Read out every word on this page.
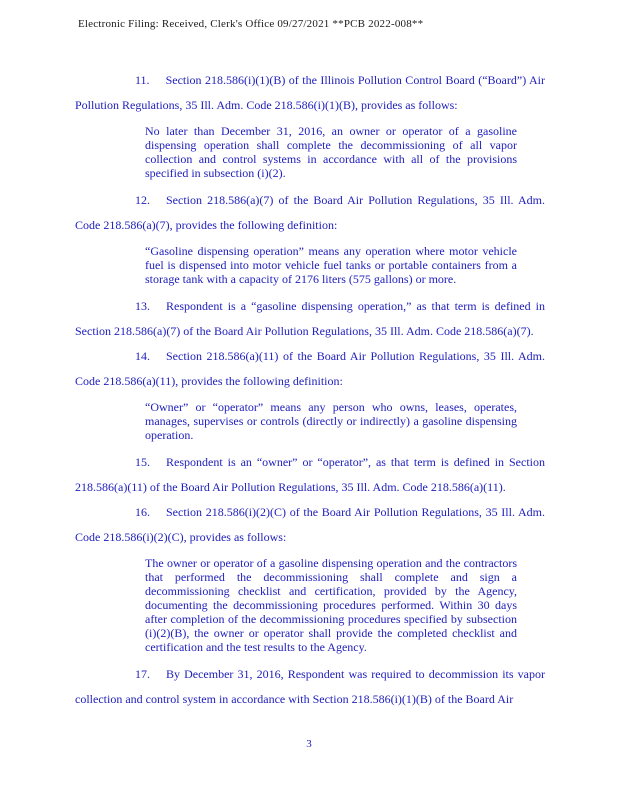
Electronic Filing: Received, Clerk's Office 09/27/2021 **PCB 2022-008**

11. Section 218.586(i)(1)(B) of the Illinois Pollution Control Board (“Board”) Air Pollution Regulations, 35 Ill. Adm. Code 218.586(i)(1)(B), provides as follows:

No later than December 31, 2016, an owner or operator of a gasoline dispensing operation shall complete the decommissioning of all vapor collection and control systems in accordance with all of the provisions specified in subsection (i)(2).

12. Section 218.586(a)(7) of the Board Air Pollution Regulations, 35 Ill. Adm. Code 218.586(a)(7), provides the following definition:

“Gasoline dispensing operation” means any operation where motor vehicle fuel is dispensed into motor vehicle fuel tanks or portable containers from a storage tank with a capacity of 2176 liters (575 gallons) or more.

13. Respondent is a “gasoline dispensing operation,” as that term is defined in Section 218.586(a)(7) of the Board Air Pollution Regulations, 35 Ill. Adm. Code 218.586(a)(7).

14. Section 218.586(a)(11) of the Board Air Pollution Regulations, 35 Ill. Adm. Code 218.586(a)(11), provides the following definition:

“Owner” or “operator” means any person who owns, leases, operates, manages, supervises or controls (directly or indirectly) a gasoline dispensing operation.

15. Respondent is an “owner” or “operator”, as that term is defined in Section 218.586(a)(11) of the Board Air Pollution Regulations, 35 Ill. Adm. Code 218.586(a)(11).

16. Section 218.586(i)(2)(C) of the Board Air Pollution Regulations, 35 Ill. Adm. Code 218.586(i)(2)(C), provides as follows:

The owner or operator of a gasoline dispensing operation and the contractors that performed the decommissioning shall complete and sign a decommissioning checklist and certification, provided by the Agency, documenting the decommissioning procedures performed. Within 30 days after completion of the decommissioning procedures specified by subsection (i)(2)(B), the owner or operator shall provide the completed checklist and certification and the test results to the Agency.

17. By December 31, 2016, Respondent was required to decommission its vapor collection and control system in accordance with Section 218.586(i)(1)(B) of the Board Air

3
